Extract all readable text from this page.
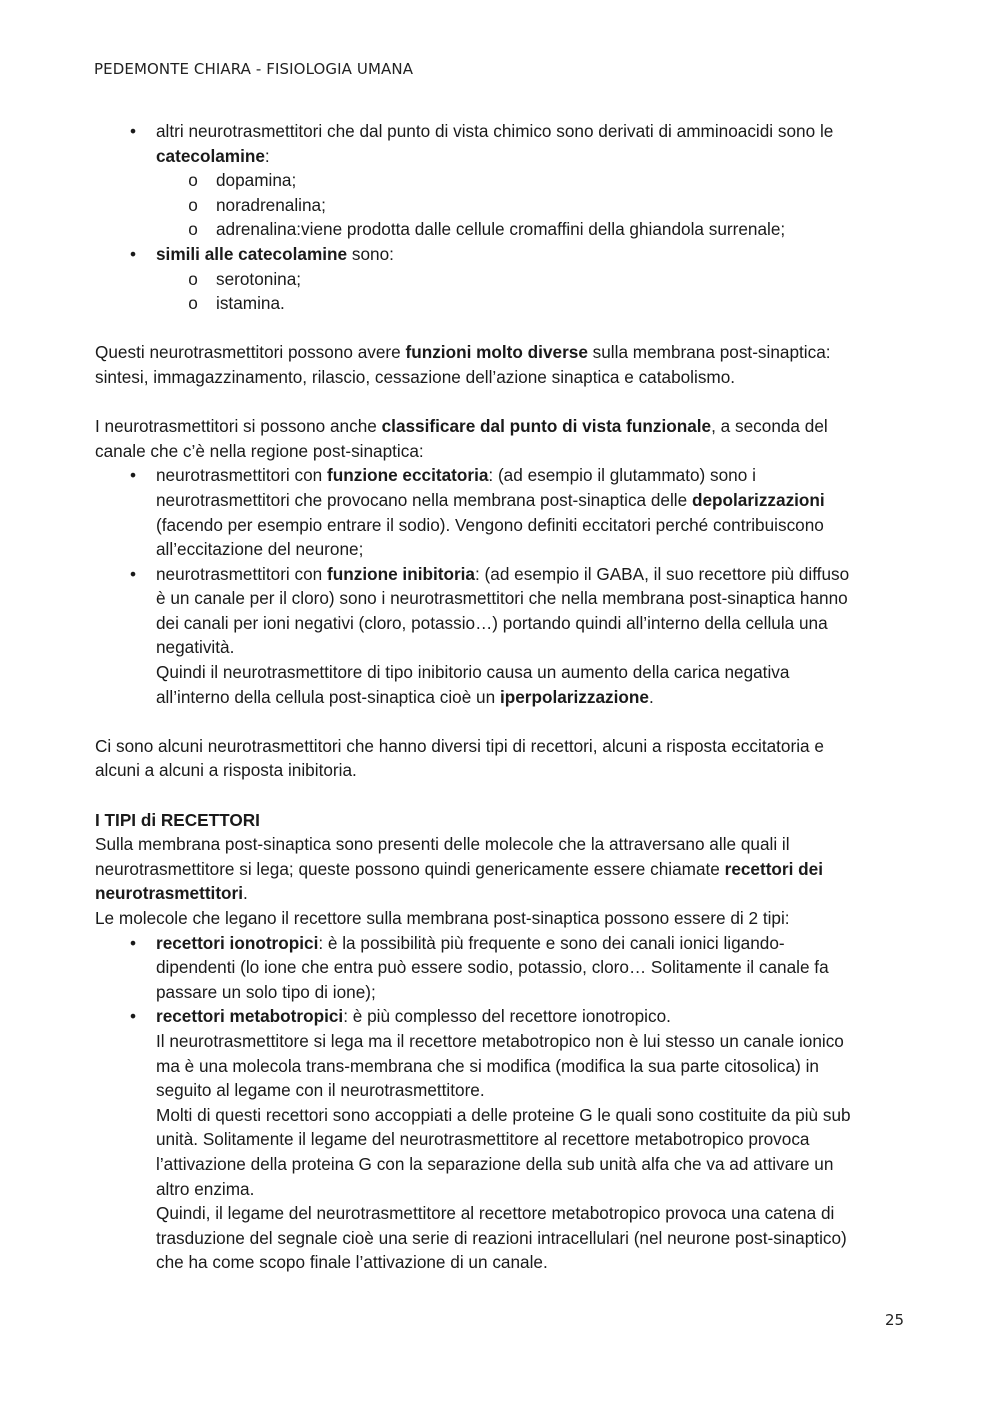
PEDEMONTE CHIARA - FISIOLOGIA UMANA
•	altri neurotrasmettitori che dal punto di vista chimico sono derivati di amminoacidi sono le

catecolamine:

o	dopamina;

o	noradrenalina;

o	adrenalina:viene prodotta dalle cellule cromaffini della ghiandola surrenale;

•	simili alle catecolamine sono:

o	serotonina;

o	istamina.

Questi neurotrasmettitori possono avere funzioni molto diverse sulla membrana post-sinaptica:

sintesi, immagazzinamento, rilascio, cessazione dell’azione sinaptica e catabolismo.

I neurotrasmettitori si possono anche classificare dal punto di vista funzionale, a seconda del

canale che c’è nella regione post-sinaptica:

•	neurotrasmettitori con funzione eccitatoria: (ad esempio il glutammato) sono i

neurotrasmettitori che provocano nella membrana post-sinaptica delle depolarizzazioni

(facendo per esempio entrare il sodio). Vengono definiti eccitatori perché contribuiscono

all’eccitazione del neurone;

•	neurotrasmettitori con funzione inibitoria: (ad esempio il GABA, il suo recettore più diffuso

è un canale per il cloro) sono i neurotrasmettitori che nella membrana post-sinaptica hanno

dei canali per ioni negativi (cloro, potassio…) portando quindi all’interno della cellula una

negatività.

Quindi il neurotrasmettitore di tipo inibitorio causa un aumento della carica negativa

all’interno della cellula post-sinaptica cioè un iperpolarizzazione.

Ci sono alcuni neurotrasmettitori che hanno diversi tipi di recettori, alcuni a risposta eccitatoria e

alcuni a alcuni a risposta inibitoria.

I TIPI di RECETTORI

Sulla membrana post-sinaptica sono presenti delle molecole che la attraversano alle quali il

neurotrasmettitore si lega; queste possono quindi genericamente essere chiamate recettori dei

neurotrasmettitori.

Le molecole che legano il recettore sulla membrana post-sinaptica possono essere di 2 tipi:

•	recettori ionotropici: è la possibilità più frequente e sono dei canali ionici ligando-

dipendenti (lo ione che entra può essere sodio, potassio, cloro… Solitamente il canale fa

passare un solo tipo di ione);

•	recettori metabotropici: è più complesso del recettore ionotropico.

Il neurotrasmettitore si lega ma il recettore metabotropico non è lui stesso un canale ionico

ma è una molecola trans-membrana che si modifica (modifica la sua parte citosolica) in

seguito al legame con il neurotrasmettitore.

Molti di questi recettori sono accoppiati a delle proteine G le quali sono costituite da più sub

unità. Solitamente il legame del neurotrasmettitore al recettore metabotropico provoca

l’attivazione della proteina G con la separazione della sub unità alfa che va ad attivare un

altro enzima.

Quindi, il legame del neurotrasmettitore al recettore metabotropico provoca una catena di

trasduzione del segnale cioè una serie di reazioni intracellulari (nel neurone post-sinaptico)

che ha come scopo finale l’attivazione di un canale.

25
